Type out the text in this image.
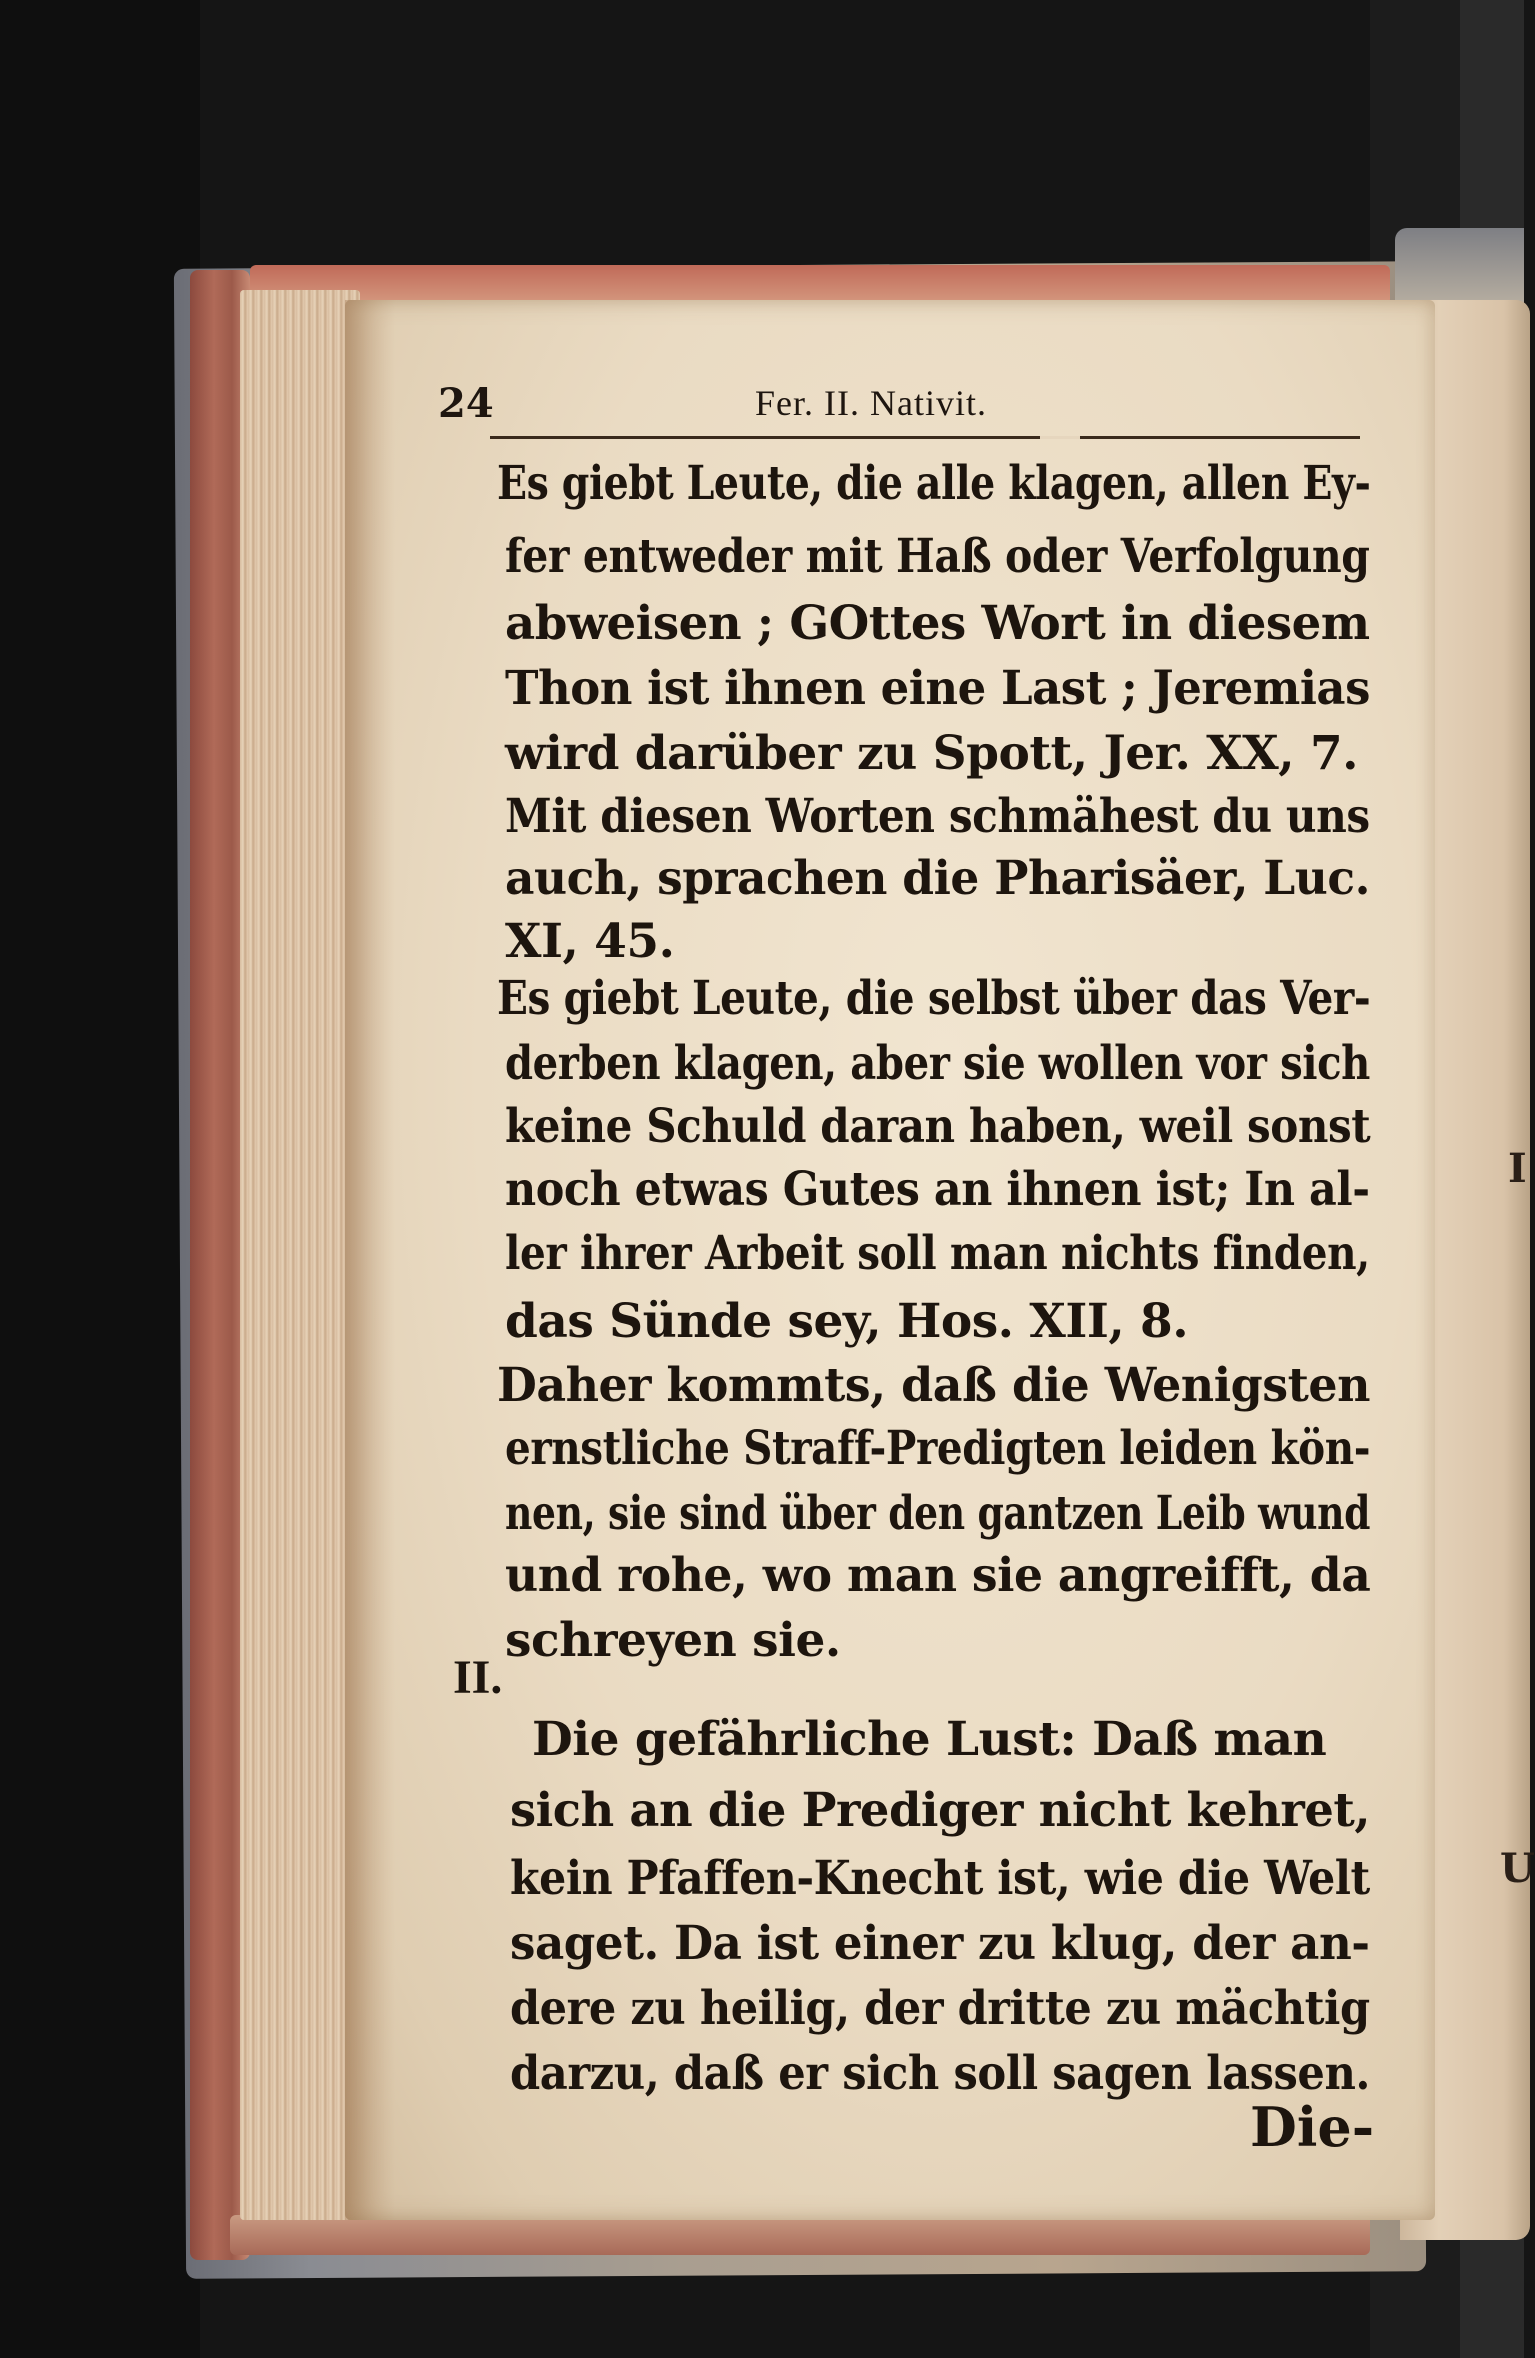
I
U
24	Fer. II. Nativit.
Es giebt Leute, die alle klagen, allen Ey-
fer entweder mit Haß oder Verfolgung
abweisen ; GOttes Wort in diesem
Thon ist ihnen eine Last ; Jeremias
wird darüber zu Spott, Jer. XX, 7.
Mit diesen Worten schmähest du uns
auch, sprachen die Pharisäer, Luc.
XI, 45.
Es giebt Leute, die selbst über das Ver-
derben klagen, aber sie wollen vor sich
keine Schuld daran haben, weil sonst
noch etwas Gutes an ihnen ist; In al-
ler ihrer Arbeit soll man nichts finden,
das Sünde sey, Hos. XII, 8.
Daher kommts, daß die Wenigsten
ernstliche Straff-Predigten leiden kön-
nen, sie sind über den gantzen Leib wund
und rohe, wo man sie angreifft, da
schreyen sie.
Die gefährliche Lust: Daß man
sich an die Prediger nicht kehret,
kein Pfaffen-Knecht ist, wie die Welt
saget. Da ist einer zu klug, der an-
dere zu heilig, der dritte zu mächtig
darzu, daß er sich soll sagen lassen.
II.
Die-
